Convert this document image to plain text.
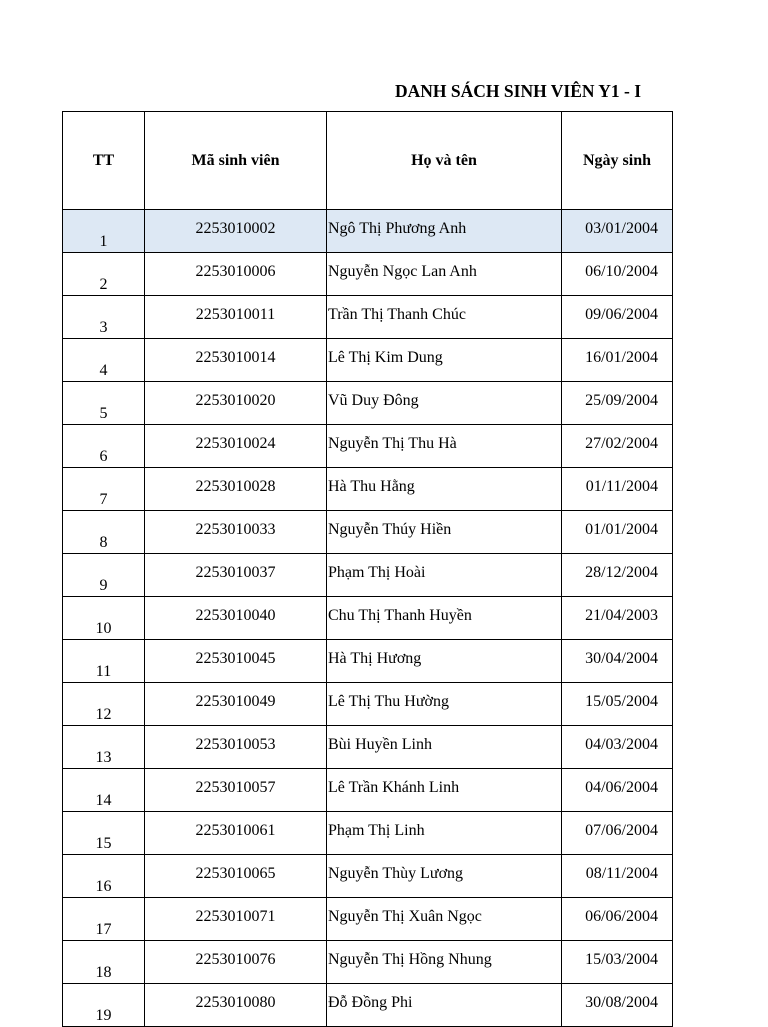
DANH SÁCH SINH VIÊN Y1 - I
TT	Mã sinh viên	Họ và tên	Ngày sinh
1	2253010002	Ngô Thị Phương Anh	03/01/2004
2	2253010006	Nguyễn Ngọc Lan Anh	06/10/2004
3	2253010011	Trần Thị Thanh Chúc	09/06/2004
4	2253010014	Lê Thị Kim Dung	16/01/2004
5	2253010020	Vũ Duy Đông	25/09/2004
6	2253010024	Nguyễn Thị Thu Hà	27/02/2004
7	2253010028	Hà Thu Hằng	01/11/2004
8	2253010033	Nguyễn Thúy Hiền	01/01/2004
9	2253010037	Phạm Thị Hoài	28/12/2004
10	2253010040	Chu Thị Thanh Huyền	21/04/2003
11	2253010045	Hà Thị Hương	30/04/2004
12	2253010049	Lê Thị Thu Hường	15/05/2004
13	2253010053	Bùi Huyền Linh	04/03/2004
14	2253010057	Lê Trần Khánh Linh	04/06/2004
15	2253010061	Phạm Thị Linh	07/06/2004
16	2253010065	Nguyễn Thùy Lương	08/11/2004
17	2253010071	Nguyễn Thị Xuân Ngọc	06/06/2004
18	2253010076	Nguyễn Thị Hồng Nhung	15/03/2004
19	2253010080	Đỗ Đồng Phi	30/08/2004
